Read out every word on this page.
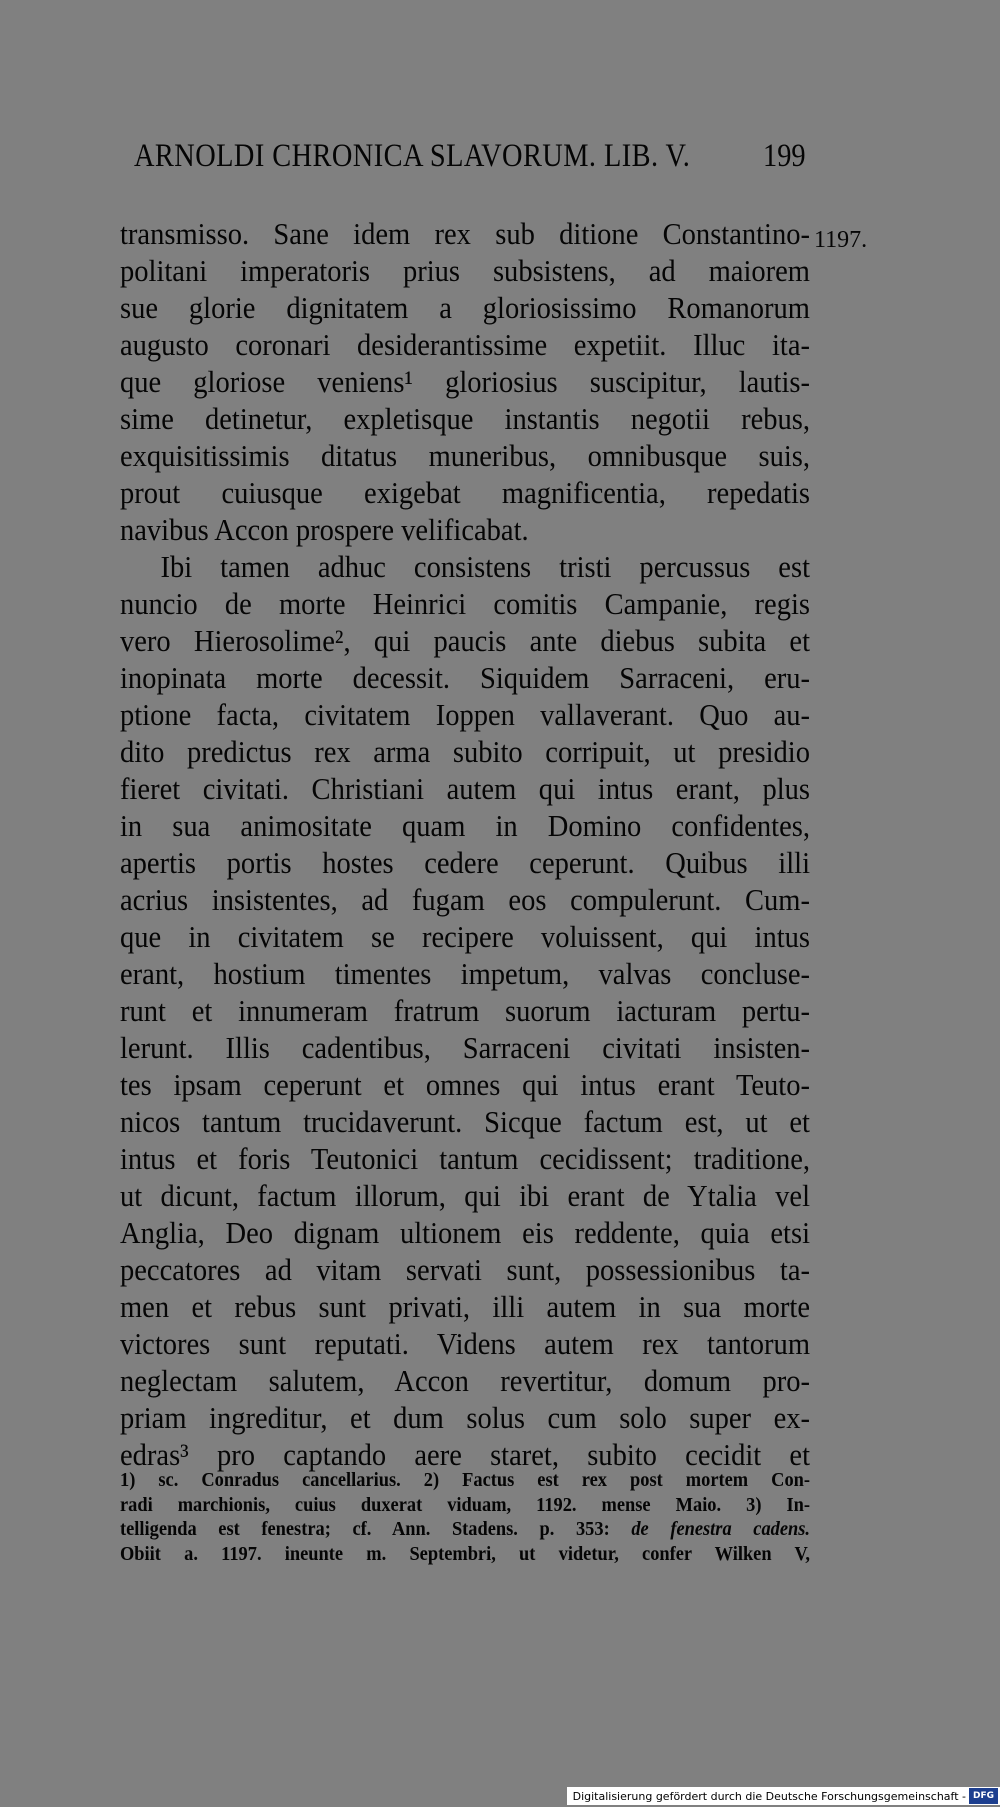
ARNOLDI CHRONICA SLAVORUM. LIB. V.	199
1197.
transmisso. Sane idem rex sub ditione Constantino-
politani imperatoris prius subsistens, ad maiorem
sue glorie dignitatem a gloriosissimo Romanorum
augusto coronari desiderantissime expetiit. Illuc ita-
que gloriose veniens¹ gloriosius suscipitur, lautis-
sime detinetur, expletisque instantis negotii rebus,
exquisitissimis ditatus muneribus, omnibusque suis,
prout cuiusque exigebat magnificentia, repedatis
navibus Accon prospere velificabat.
Ibi tamen adhuc consistens tristi percussus est
nuncio de morte Heinrici comitis Campanie, regis
vero Hierosolime², qui paucis ante diebus subita et
inopinata morte decessit. Siquidem Sarraceni, eru-
ptione facta, civitatem Ioppen vallaverant. Quo au-
dito predictus rex arma subito corripuit, ut presidio
fieret civitati. Christiani autem qui intus erant, plus
in sua animositate quam in Domino confidentes,
apertis portis hostes cedere ceperunt. Quibus illi
acrius insistentes, ad fugam eos compulerunt. Cum-
que in civitatem se recipere voluissent, qui intus
erant, hostium timentes impetum, valvas concluse-
runt et innumeram fratrum suorum iacturam pertu-
lerunt. Illis cadentibus, Sarraceni civitati insisten-
tes ipsam ceperunt et omnes qui intus erant Teuto-
nicos tantum trucidaverunt. Sicque factum est, ut et
intus et foris Teutonici tantum cecidissent; traditione,
ut dicunt, factum illorum, qui ibi erant de Ytalia vel
Anglia, Deo dignam ultionem eis reddente, quia etsi
peccatores ad vitam servati sunt, possessionibus ta-
men et rebus sunt privati, illi autem in sua morte
victores sunt reputati. Videns autem rex tantorum
neglectam salutem, Accon revertitur, domum pro-
priam ingreditur, et dum solus cum solo super ex-
edras³ pro captando aere staret, subito cecidit et
1) sc. Conradus cancellarius. 2) Factus est rex post mortem Con-
radi marchionis, cuius duxerat viduam, 1192. mense Maio. 3) In-
telligenda est fenestra; cf. Ann. Stadens. p. 353: de fenestra cadens.
Obiit a. 1197. ineunte m. Septembri, ut videtur, confer Wilken V,
Digitalisierung gefördert durch die Deutsche Forschungsgemeinschaft - DFG
